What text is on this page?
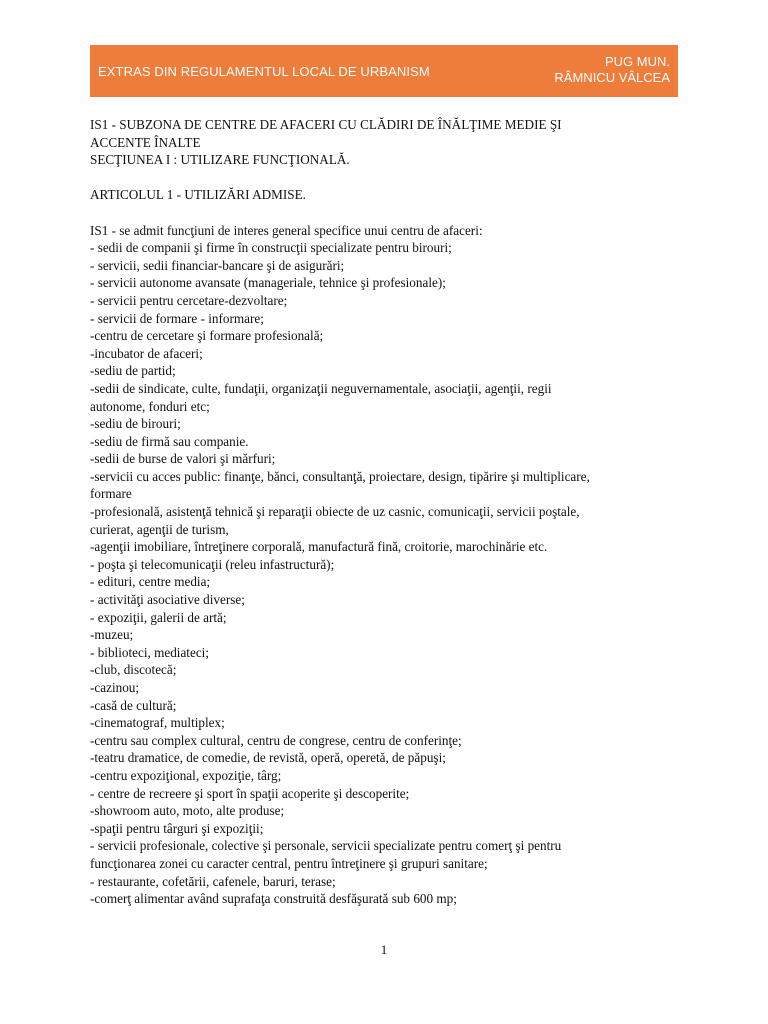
EXTRAS DIN REGULAMENTUL LOCAL DE URBANISM
PUG MUN.
RÂMNICU VÂLCEA
IS1 - SUBZONA DE CENTRE DE AFACERI CU CLĂDIRI DE ÎNĂLŢIME MEDIE ŞI
ACCENTE ÎNALTE
SECŢIUNEA I : UTILIZARE FUNCŢIONALĂ.
ARTICOLUL 1 - UTILIZĂRI ADMISE.
IS1 - se admit funcţiuni de interes general specifice unui centru de afaceri:
- sedii de companii şi firme în construcţii specializate pentru birouri;
- servicii, sedii financiar-bancare şi de asigurări;
- servicii autonome avansate (manageriale, tehnice şi profesionale);
- servicii pentru cercetare-dezvoltare;
- servicii de formare - informare;
-centru de cercetare şi formare profesională;
-incubator de afaceri;
-sediu de partid;
-sedii de sindicate, culte, fundaţii, organizaţii neguvernamentale, asociaţii, agenţii, regii
autonome, fonduri etc;
-sediu de birouri;
-sediu de firmă sau companie.
-sedii de burse de valori şi mărfuri;
-servicii cu acces public: finanţe, bănci, consultanţă, proiectare, design, tipărire şi multiplicare,
formare
-profesională, asistenţă tehnică şi reparaţii obiecte de uz casnic, comunicaţii, servicii poştale,
curierat, agenţii de turism,
-agenţii imobiliare, întreţinere corporală, manufactură fină, croitorie, marochinărie etc.
- poşta şi telecomunicaţii (releu infastructură);
- edituri, centre media;
- activităţi asociative diverse;
- expoziţii, galerii de artă;
-muzeu;
- biblioteci, mediateci;
-club, discotecă;
-cazinou;
-casă de cultură;
-cinematograf, multiplex;
-centru sau complex cultural, centru de congrese, centru de conferinţe;
-teatru dramatice, de comedie, de revistă, operă, operetă, de păpuşi;
-centru expoziţional, expoziţie, târg;
- centre de recreere şi sport în spaţii acoperite şi descoperite;
-showroom auto, moto, alte produse;
-spaţii pentru târguri şi expoziţii;
- servicii profesionale, colective şi personale, servicii specializate pentru comerţ şi pentru
funcţionarea zonei cu caracter central, pentru întreţinere şi grupuri sanitare;
- restaurante, cofetării, cafenele, baruri, terase;
-comerţ alimentar având suprafaţa construită desfăşurată sub 600 mp;
1
